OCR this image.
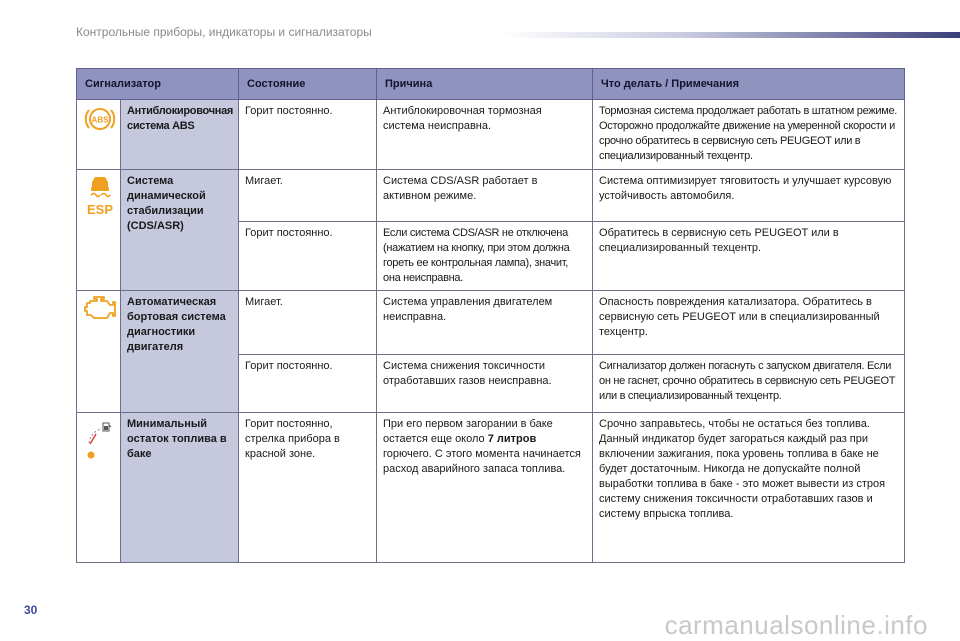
Контрольные приборы, индикаторы и сигнализаторы
Сигнализатор		Состояние	Причина	Что делать / Примечания

ABS	Антиблокировочная система ABS	Горит постоянно.	Антиблокировочная тормозная система неисправна.	Тормозная система продолжает работать в штатном режиме. Осторожно продолжайте движение на умеренной скорости и срочно обратитесь в сервисную сеть PEUGEOT или в специализированный техцентр.

ESP	Система динамической стабилизации (CDS/ASR)	Мигает.	Система CDS/ASR работает в активном режиме.	Система оптимизирует тяговитость и улучшает курсовую устойчивость автомобиля.
		Горит постоянно.	Если система CDS/ASR не отключена (нажатием на кнопку, при этом должна гореть ее контрольная лампа), значит, она неисправна.	Обратитесь в сервисную сеть PEUGEOT или в специализированный техцентр.
	Автоматическая бортовая система диагностики двигателя	Мигает.	Система управления двигателем неисправна.	Опасность повреждения катализатора. Обратитесь в сервисную сеть PEUGEOT или в специализированный техцентр.
		Горит постоянно.	Система снижения токсичности отработавших газов неисправна.	Сигнализатор должен погаснуть с запуском двигателя. Если он не гаснет, срочно обратитесь в сервисную сеть PEUGEOT или в специализированный техцентр.
	Минимальный остаток топлива в баке	Горит постоянно, стрелка прибора в красной зоне.	При его первом загорании в баке остается еще около 7 литров горючего. С этого момента начинается расход аварийного запаса топлива.	Срочно заправьтесь, чтобы не остаться без топлива. Данный индикатор будет загораться каждый раз при включении зажигания, пока уровень топлива в баке не будет достаточным. Никогда не допускайте полной выработки топлива в баке - это может вывести из строя систему снижения токсичности отработавших газов и систему впрыска топлива.
30	carmanualsonline.info
